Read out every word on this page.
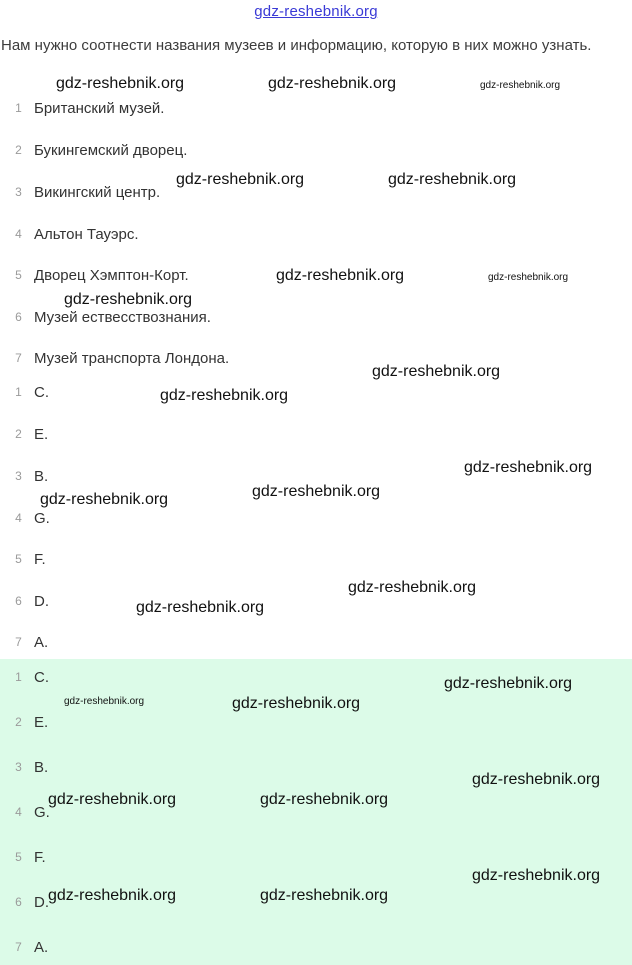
gdz-reshebnik.org
Нам нужно соотнести названия музеев и информацию, которую в них можно узнать.
1 Британский музей.
2 Букингемский дворец.
3 Викингский центр.
4 Альтон Тауэрс.
5 Дворец Хэмптон-Корт.
6 Музей ествесствознания.
7 Музей транспорта Лондона.
1 C.
2 E.
3 B.
4 G.
5 F.
6 D.
7 A.
1 C.
2 E.
3 B.
4 G.
5 F.
6 D.
7 A.
gdz-reshebnik.org	gdz-reshebnik.org	gdz-reshebnik.org
gdz-reshebnik.org	gdz-reshebnik.org
gdz-reshebnik.org	gdz-reshebnik.org
gdz-reshebnik.org
gdz-reshebnik.org
gdz-reshebnik.org
gdz-reshebnik.org
gdz-reshebnik.org
gdz-reshebnik.org
gdz-reshebnik.org
gdz-reshebnik.org
gdz-reshebnik.org
gdz-reshebnik.org	gdz-reshebnik.org
gdz-reshebnik.org
gdz-reshebnik.org	gdz-reshebnik.org
gdz-reshebnik.org
gdz-reshebnik.org	gdz-reshebnik.org
